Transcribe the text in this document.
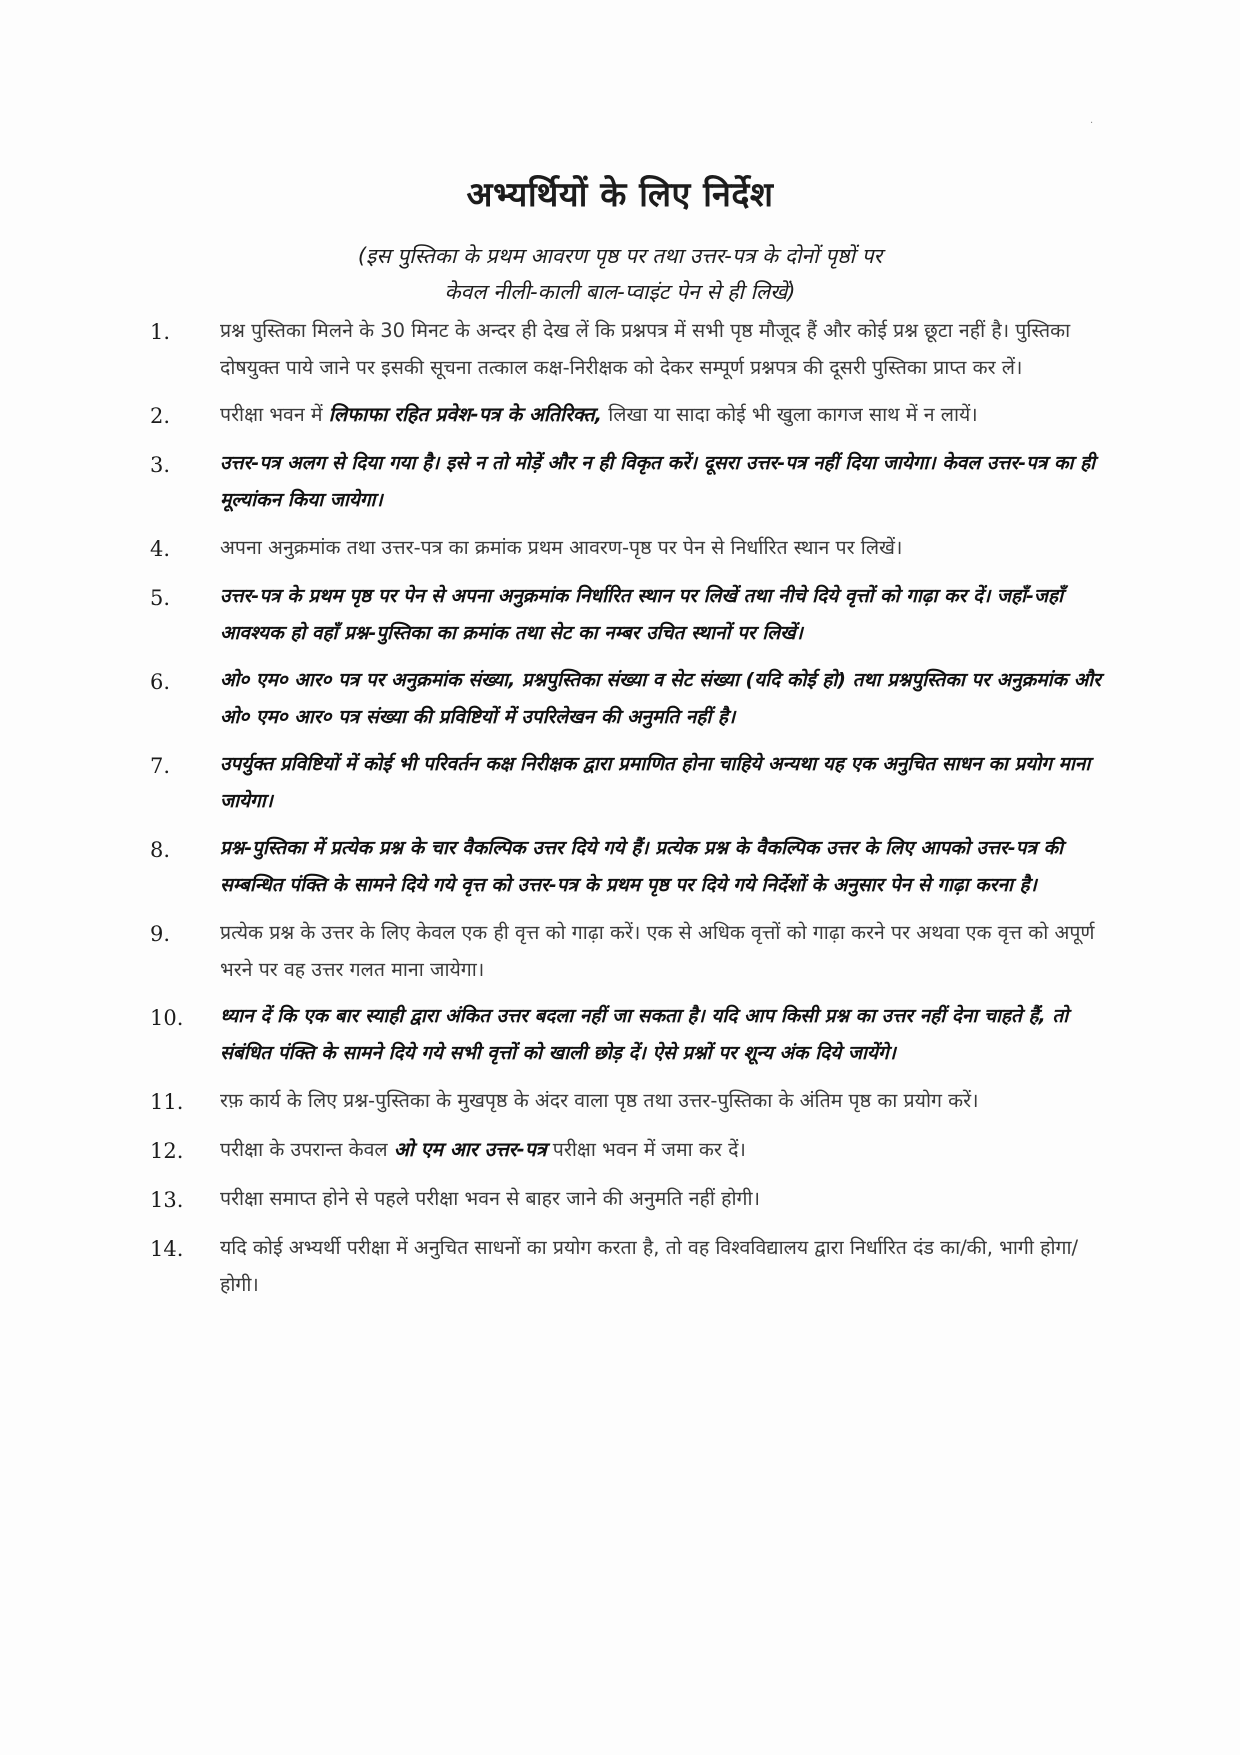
·
अभ्यर्थियों के लिए निर्देश
(इस पुस्तिका के प्रथम आवरण पृष्ठ पर तथा उत्तर-पत्र के दोनों पृष्ठों पर
केवल नीली-काली बाल-प्वाइंट पेन से ही लिखें)
1.	प्रश्न पुस्तिका मिलने के 30 मिनट के अन्दर ही देख लें कि प्रश्नपत्र में सभी पृष्ठ मौजूद हैं और कोई प्रश्न छूटा नहीं है। पुस्तिका दोषयुक्त पाये जाने पर इसकी सूचना तत्काल कक्ष-निरीक्षक को देकर सम्पूर्ण प्रश्नपत्र की दूसरी पुस्तिका प्राप्त कर लें।
2.	परीक्षा भवन में लिफाफा रहित प्रवेश-पत्र के अतिरिक्त, लिखा या सादा कोई भी खुला कागज साथ में न लायें।
3.	उत्तर-पत्र अलग से दिया गया है। इसे न तो मोड़ें और न ही विकृत करें। दूसरा उत्तर-पत्र नहीं दिया जायेगा। केवल उत्तर-पत्र का ही मूल्यांकन किया जायेगा।
4.	अपना अनुक्रमांक तथा उत्तर-पत्र का क्रमांक प्रथम आवरण-पृष्ठ पर पेन से निर्धारित स्थान पर लिखें।
5.	उत्तर-पत्र के प्रथम पृष्ठ पर पेन से अपना अनुक्रमांक निर्धारित स्थान पर लिखें तथा नीचे दिये वृत्तों को गाढ़ा कर दें। जहाँ-जहाँ आवश्यक हो वहाँ प्रश्न-पुस्तिका का क्रमांक तथा सेट का नम्बर उचित स्थानों पर लिखें।
6.	ओ० एम० आर० पत्र पर अनुक्रमांक संख्या, प्रश्नपुस्तिका संख्या व सेट संख्या (यदि कोई हो) तथा प्रश्नपुस्तिका पर अनुक्रमांक और ओ० एम० आर० पत्र संख्या की प्रविष्टियों में उपरिलेखन की अनुमति नहीं है।
7.	उपर्युक्त प्रविष्टियों में कोई भी परिवर्तन कक्ष निरीक्षक द्वारा प्रमाणित होना चाहिये अन्यथा यह एक अनुचित साधन का प्रयोग माना जायेगा।
8.	प्रश्न-पुस्तिका में प्रत्येक प्रश्न के चार वैकल्पिक उत्तर दिये गये हैं। प्रत्येक प्रश्न के वैकल्पिक उत्तर के लिए आपको उत्तर-पत्र की सम्बन्धित पंक्ति के सामने दिये गये वृत्त को उत्तर-पत्र के प्रथम पृष्ठ पर दिये गये निर्देशों के अनुसार पेन से गाढ़ा करना है।
9.	प्रत्येक प्रश्न के उत्तर के लिए केवल एक ही वृत्त को गाढ़ा करें। एक से अधिक वृत्तों को गाढ़ा करने पर अथवा एक वृत्त को अपूर्ण भरने पर वह उत्तर गलत माना जायेगा।
10.	ध्यान दें कि एक बार स्याही द्वारा अंकित उत्तर बदला नहीं जा सकता है। यदि आप किसी प्रश्न का उत्तर नहीं देना चाहते हैं, तो संबंधित पंक्ति के सामने दिये गये सभी वृत्तों को खाली छोड़ दें। ऐसे प्रश्नों पर शून्य अंक दिये जायेंगे।
11.	रफ़ कार्य के लिए प्रश्न-पुस्तिका के मुखपृष्ठ के अंदर वाला पृष्ठ तथा उत्तर-पुस्तिका के अंतिम पृष्ठ का प्रयोग करें।
12.	परीक्षा के उपरान्त केवल ओ एम आर उत्तर-पत्र परीक्षा भवन में जमा कर दें।
13.	परीक्षा समाप्त होने से पहले परीक्षा भवन से बाहर जाने की अनुमति नहीं होगी।
14.	यदि कोई अभ्यर्थी परीक्षा में अनुचित साधनों का प्रयोग करता है, तो वह विश्वविद्यालय द्वारा निर्धारित दंड का/की, भागी होगा/होगी।
